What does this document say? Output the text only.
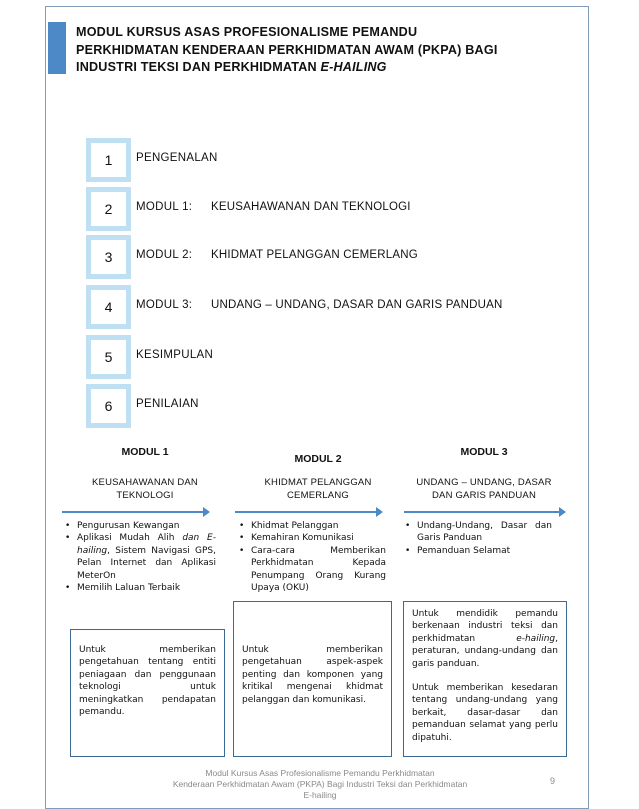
MODUL KURSUS ASAS PROFESIONALISME PEMANDU
PERKHIDMATAN KENDERAAN PERKHIDMATAN AWAM (PKPA) BAGI
INDUSTRI TEKSI DAN PERKHIDMATAN E-HAILING
1	PENGENALAN
2	MODUL 1: KEUSAHAWANAN DAN TEKNOLOGI
3	MODUL 2: KHIDMAT PELANGGAN CEMERLANG
4	MODUL 3: UNDANG – UNDANG, DASAR DAN GARIS PANDUAN
5	KESIMPULAN
6	PENILAIAN
MODUL 1
KEUSAHAWANAN DAN
TEKNOLOGI
MODUL 2
KHIDMAT PELANGGAN
CEMERLANG
MODUL 3
UNDANG – UNDANG, DASAR
DAN GARIS PANDUAN
• Pengurusan Kewangan
• Aplikasi Mudah Alih dan E-hailing, Sistem Navigasi GPS, Pelan Internet dan Aplikasi MeterOn
• Memilih Laluan Terbaik
• Khidmat Pelanggan
• Kemahiran Komunikasi
• Cara-cara Memberikan Perkhidmatan Kepada Penumpang Orang Kurang Upaya (OKU)
• Undang-Undang, Dasar dan Garis Panduan
• Pemanduan Selamat

Untuk memberikan pengetahuan tentang entiti peniagaan dan penggunaan teknologi untuk meningkatkan pendapatan pemandu.

Untuk memberikan pengetahuan aspek-aspek penting dan komponen yang kritikal mengenai khidmat pelanggan dan komunikasi.

Untuk mendidik pemandu berkenaan industri teksi dan perkhidmatan e-hailing, peraturan, undang-undang dan garis panduan.

Untuk memberikan kesedaran tentang undang-undang yang berkait, dasar-dasar dan pemanduan selamat yang perlu dipatuhi.

Modul Kursus Asas Profesionalisme Pemandu Perkhidmatan
Kenderaan Perkhidmatan Awam (PKPA) Bagi Industri Teksi dan Perkhidmatan
E-hailing
9
